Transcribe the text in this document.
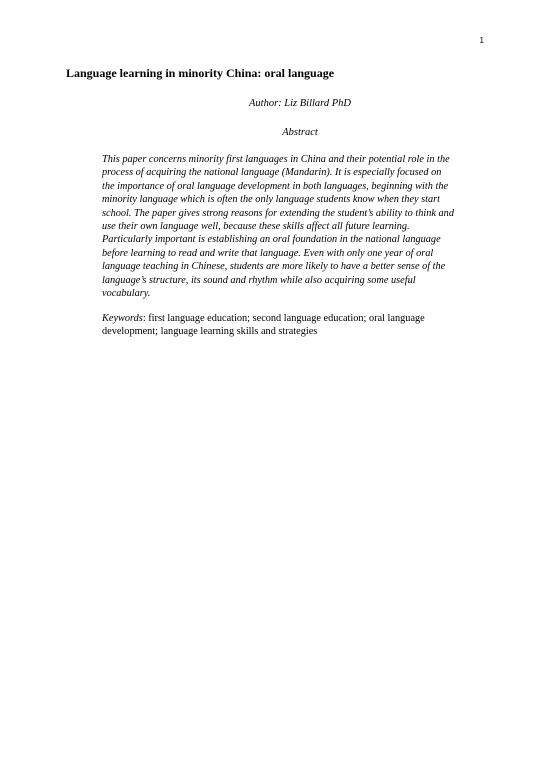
1
Language learning in minority China: oral language
Author: Liz Billard PhD
Abstract

This paper concerns minority first languages in China and their potential role in the process of acquiring the national language (Mandarin). It is especially focused on the importance of oral language development in both languages, beginning with the minority language which is often the only language students know when they start school. The paper gives strong reasons for extending the student’s ability to think and use their own language well, because these skills affect all future learning. Particularly important is establishing an oral foundation in the national language before learning to read and write that language. Even with only one year of oral language teaching in Chinese, students are more likely to have a better sense of the language’s structure, its sound and rhythm while also acquiring some useful vocabulary.

Keywords: first language education; second language education; oral language development; language learning skills and strategies
